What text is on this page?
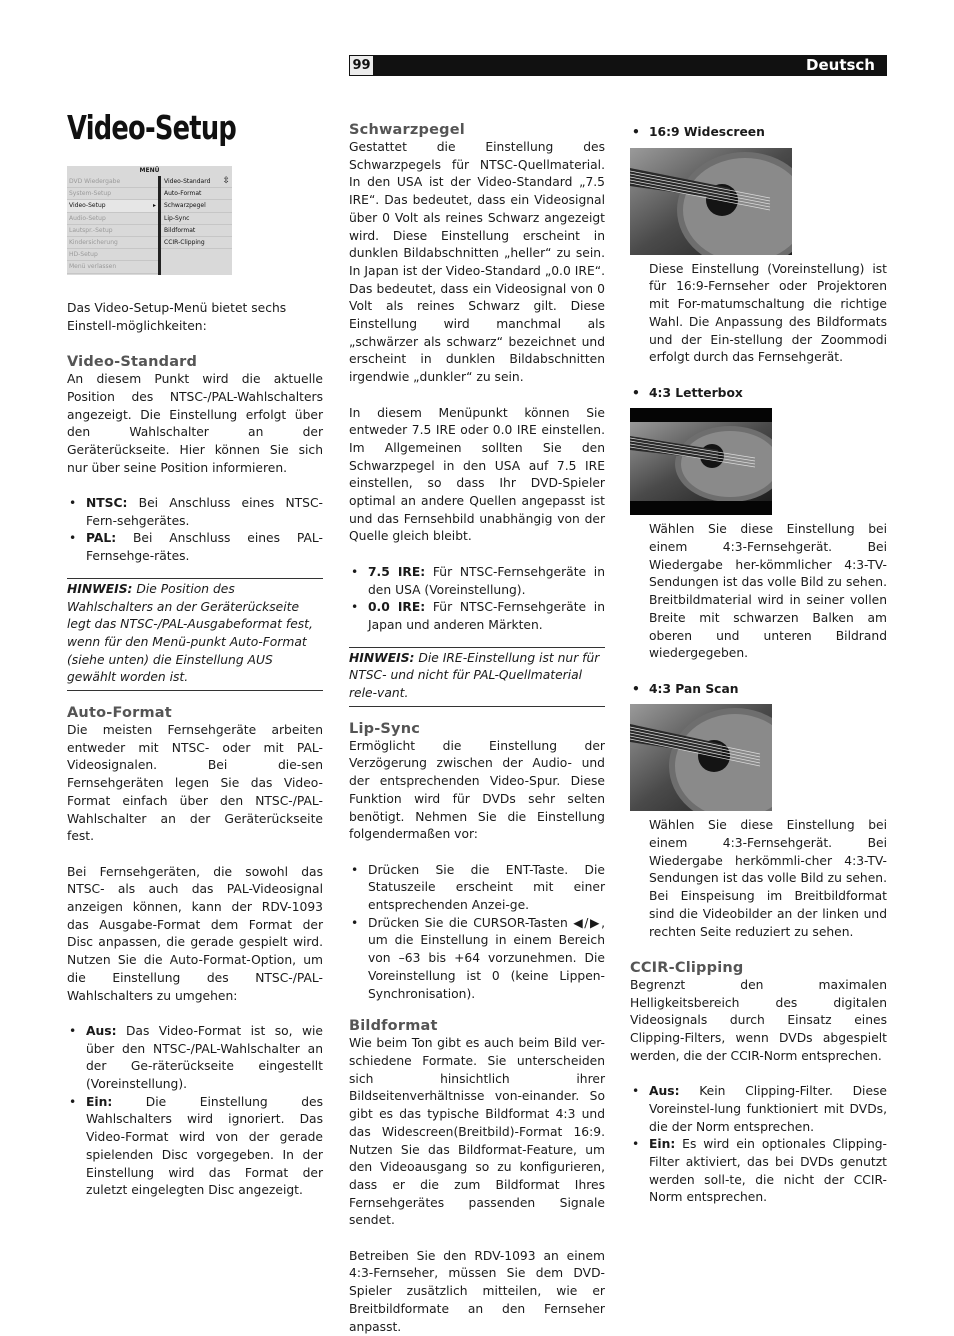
99	Deutsch
Video-Setup
MENÜ
DVD Wiedergabe
System-Setup
Video-Setup	▸
Audio-Setup
Lautspr.-Setup
Kindersicherung
HD-Setup
Menü verlassen
Video-Standard ⇳
Auto-Format
Schwarzpegel
Lip-Sync
Bildformat
CCIR-Clipping

Das Video-Setup-Menü bietet sechs Einstell-möglichkeiten:

Video-Standard

An diesem Punkt wird die aktuelle Position des NTSC-/PAL-Wahlschalters angezeigt. Die Einstellung erfolgt über den Wahlschalter an der Geräterückseite. Hier können Sie sich nur über seine Position informieren.

• NTSC: Bei Anschluss eines NTSC-Fern-sehgerätes.
• PAL: Bei Anschluss eines PAL-Fernsehge-rätes.
HINWEIS: Die Position des Wahlschalters an der Geräterückseite legt das NTSC-/PAL-Ausgabeformat fest, wenn für den Menü-punkt Auto-Format (siehe unten) die Einstellung AUS gewählt worden ist.
Auto-Format

Die meisten Fernsehgeräte arbeiten entweder mit NTSC- oder mit PAL-Videosignalen. Bei die-sen Fernsehgeräten legen Sie das Video-Format einfach über den NTSC-/PAL-Wahlschalter an der Geräterückseite fest.

Bei Fernsehgeräten, die sowohl das NTSC- als auch das PAL-Videosignal anzeigen können, kann der RDV-1093 das Ausgabe-Format dem Format der Disc anpassen, die gerade gespielt wird. Nutzen Sie die Auto-Format-Option, um die Einstellung des NTSC-/PAL-Wahlschalters zu umgehen:

• Aus: Das Video-Format ist so, wie über den NTSC-/PAL-Wahlschalter an der Ge-räterückseite eingestellt (Voreinstellung).
• Ein:	Die Einstellung des Wahlschalters wird ignoriert. Das Video-Format wird von der gerade spielenden Disc vorgegeben. In der Einstellung wird das Format der zuletzt eingelegten Disc angezeigt.
Schwarzpegel

Gestattet die Einstellung des Schwarzpegels für NTSC-Quellmaterial. In den USA ist der Video-Standard „7.5 IRE“. Das bedeutet, dass ein Videosignal über 0 Volt als reines Schwarz angezeigt wird. Diese Einstellung erscheint in dunklen Bildabschnitten „heller“ zu sein. In Japan ist der Video-Standard „0.0 IRE“. Das bedeutet, dass ein Videosignal von 0 Volt als reines Schwarz gilt. Diese Einstellung wird manchmal als „schwärzer als schwarz“ bezeichnet und erscheint in dunklen Bildabschnitten irgendwie „dunkler“ zu sein.

In diesem Menüpunkt können Sie entweder 7.5 IRE oder 0.0 IRE einstellen. Im Allgemeinen sollten Sie den Schwarzpegel in den USA auf 7.5 IRE einstellen, so dass Ihr DVD-Spieler optimal an andere Quellen angepasst ist und das Fernsehbild unabhängig von der Quelle gleich bleibt.

• 7.5 IRE: Für NTSC-Fernsehgeräte in den USA (Voreinstellung).
• 0.0 IRE: Für NTSC-Fernsehgeräte in Japan und anderen Märkten.
HINWEIS: Die IRE-Einstellung ist nur für NTSC- und nicht für PAL-Quellmaterial rele-vant.
Lip-Sync

Ermöglicht die Einstellung der Verzögerung zwischen der Audio- und der entsprechenden Video-Spur. Diese Funktion wird für DVDs sehr selten benötigt. Nehmen Sie die Einstellung folgendermaßen vor:

• Drücken Sie die ENT-Taste. Die Statuszeile erscheint mit einer entsprechenden Anzei-ge.
• Drücken Sie die CURSOR-Tasten ◀/▶, um die Einstellung in einem Bereich von –63 bis +64 vorzunehmen. Die Voreinstellung ist 0 (keine Lippen-Synchronisation).
Bildformat

Wie beim Ton gibt es auch beim Bild ver-schiedene Formate. Sie unterscheiden sich hinsichtlich ihrer Bildseitenverhältnisse von-einander. So gibt es das typische Bildformat 4:3 und das Widescreen(Breitbild)-Format 16:9. Nutzen Sie das Bildformat-Feature, um den Videoausgang so zu konfigurieren, dass er die zum Bildformat Ihres Fernsehgerätes passenden Signale sendet.

Betreiben Sie den RDV-1093 an einem 4:3-Fernseher, müssen Sie dem DVD-Spieler zusätzlich mitteilen, wie er Breitbildformate an den Fernseher anpasst.

• 16:9 Widescreen

Diese Einstellung (Voreinstellung) ist für 16:9-Fernseher oder Projektoren mit For-matumschaltung die richtige Wahl. Die Anpassung des Bildformats und der Ein-stellung der Zoommodi erfolgt durch das Fernsehgerät.

• 4:3 Letterbox

Wählen Sie diese Einstellung bei einem 4:3-Fernsehgerät. Bei Wiedergabe her-kömmlicher 4:3-TV-Sendungen ist das volle Bild zu sehen. Breitbildmaterial wird in seiner vollen Breite mit schwarzen Balken am oberen und unteren Bildrand wiedergegeben.

• 4:3 Pan Scan

Wählen Sie diese Einstellung bei einem 4:3-Fernsehgerät. Bei Wiedergabe herkömmli-cher 4:3-TV-Sendungen ist das volle Bild zu sehen. Bei Einspeisung im Breitbildformat sind die Videobilder an der linken und rechten Seite reduziert zu sehen.

CCIR-Clipping

Begrenzt den maximalen Helligkeitsbereich des digitalen Videosignals durch Einsatz eines Clipping-Filters, wenn DVDs abgespielt werden, die der CCIR-Norm entsprechen.

• Aus: Kein Clipping-Filter. Diese Voreinstel-lung funktioniert mit DVDs, die der Norm entsprechen.
• Ein: Es wird ein optionales Clipping-Filter aktiviert, das bei DVDs genutzt werden soll-te, die nicht der CCIR-Norm entsprechen.
